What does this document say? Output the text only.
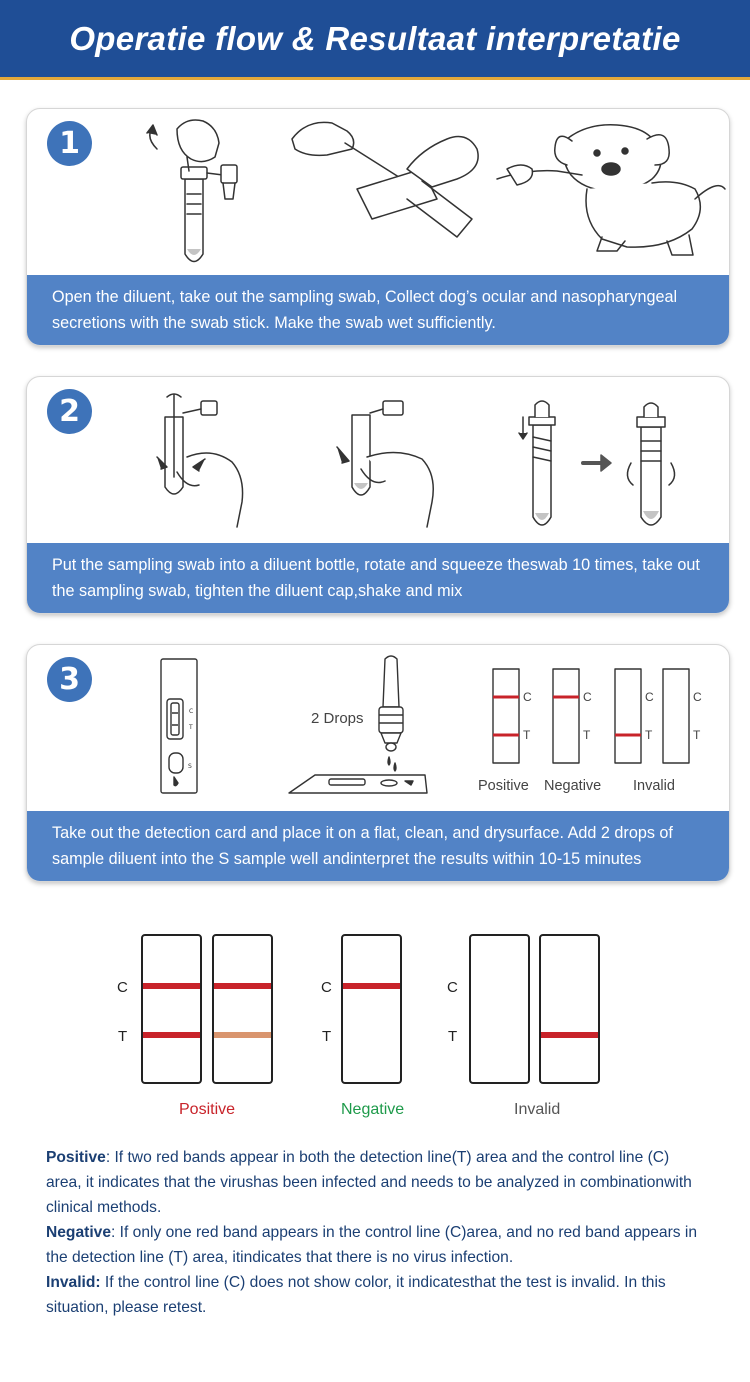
Operatie flow & Resultaat interpretatie
1
Open the diluent, take out the sampling swab, Collect dog’s ocular and nasopharyngeal secretions with the swab stick. Make the swab wet sufficiently.
2
Put the sampling swab into a diluent bottle, rotate and squeeze theswab 10 times, take out the sampling swab, tighten the diluent cap,shake and mix
C
T
S
2 Drops
C
T
C
T
C
T
C
T
Positive Negative Invalid
3
Take out the detection card and place it on a flat, clean, and drysurface. Add 2 drops of sample diluent into the S sample well andinterpret the results within 10-15 minutes
C
T
C
T
C
T
Positive	Negative	Invalid

Positive: If two red bands appear in both the detection line(T) area and the control line (C) area, it indicates that the virushas been infected and needs to be analyzed in combinationwith clinical methods.

Negative: If only one red band appears in the control line (C)area, and no red band appears in the detection line (T) area, itindicates that there is no virus infection.

Invalid: If the control line (C) does not show color, it indicatesthat the test is invalid. In this situation, please retest.
